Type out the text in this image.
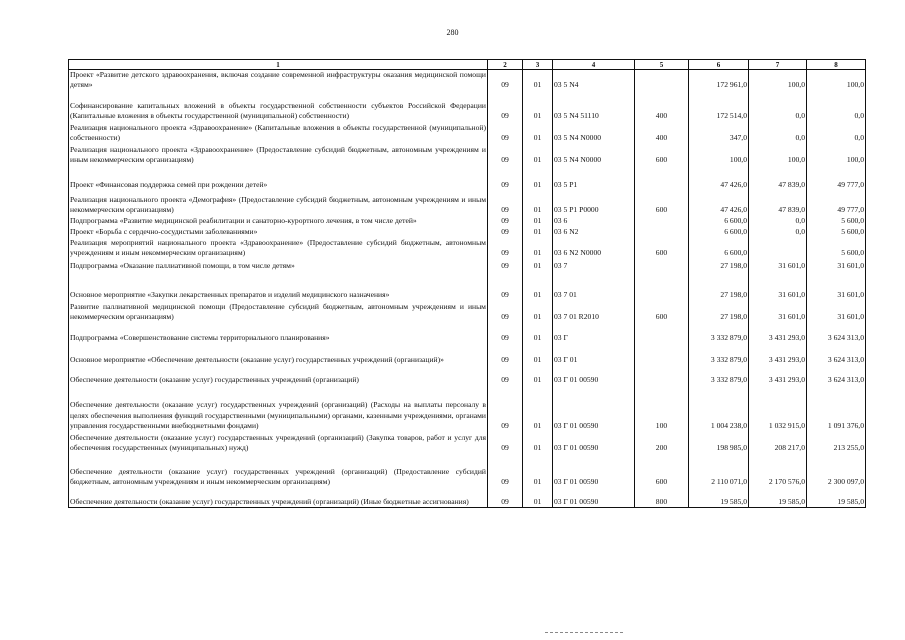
280
1	2	3	4	5	6	7	8
Проект «Развитие детского здравоохранения, включая создание современной инфраструктуры оказания медицинской помощи детям»	09	01	03 5 N4		172 961,0	100,0	100,0
Софинансирование капитальных вложений в объекты государственной собственности субъектов Российской Федерации (Капитальные вложения в объекты государственной (муниципальной) собственности)	09	01	03 5 N4 51110	400	172 514,0	0,0	0,0
Реализация национального проекта «Здравоохранение» (Капитальные вложения в объекты государственной (муниципальной) собственности)	09	01	03 5 N4 N0000	400	347,0	0,0	0,0
Реализация национального проекта «Здравоохранение» (Предоставление субсидий бюджетным, автономным учреждениям и иным некоммерческим организациям)	09	01	03 5 N4 N0000	600	100,0	100,0	100,0
Проект «Финансовая поддержка семей при рождении детей»	09	01	03 5 P1		47 426,0	47 839,0	49 777,0
Реализация национального проекта «Демография» (Предоставление субсидий бюджетным, автономным учреждениям и иным некоммерческим организациям)	09	01	03 5 P1 P0000	600	47 426,0	47 839,0	49 777,0
Подпрограмма «Развитие медицинской реабилитации и санаторно-курортного лечения, в том числе детей»	09	01	03 6		6 600,0	0,0	5 600,0
Проект «Борьба с сердечно-сосудистыми заболеваниями»	09	01	03 6 N2		6 600,0	0,0	5 600,0
Реализация мероприятий национального проекта «Здравоохранение» (Предоставление субсидий бюджетным, автономным учреждениям и иным некоммерческим организациям)	09	01	03 6 N2 N0000	600	6 600,0		5 600,0
Подпрограмма «Оказание паллиативной помощи, в том числе детям»	09	01	03 7		27 198,0	31 601,0	31 601,0
Основное мероприятие «Закупки лекарственных препаратов и изделий медицинского назначения»	09	01	03 7 01		27 198,0	31 601,0	31 601,0
Развитие паллиативной медицинской помощи (Предоставление субсидий бюджетным, автономным учреждениям и иным некоммерческим организациям)	09	01	03 7 01 R2010	600	27 198,0	31 601,0	31 601,0
Подпрограмма «Совершенствование системы территориального планирования»	09	01	03 Г		3 332 879,0	3 431 293,0	3 624 313,0
Основное мероприятие «Обеспечение деятельности (оказание услуг) государственных учреждений (организаций)»	09	01	03 Г 01		3 332 879,0	3 431 293,0	3 624 313,0
Обеспечение деятельности (оказание услуг) государственных учреждений (организаций)	09	01	03 Г 01 00590		3 332 879,0	3 431 293,0	3 624 313,0
Обеспечение деятельности (оказание услуг) государственных учреждений (организаций) (Расходы на выплаты персоналу в целях обеспечения выполнения функций государственными (муниципальными) органами, казенными учреждениями, органами управления государственными внебюджетными фондами)	09	01	03 Г 01 00590	100	1 004 238,0	1 032 915,0	1 091 376,0
Обеспечение деятельности (оказание услуг) государственных учреждений (организаций) (Закупка товаров, работ и услуг для обеспечения государственных (муниципальных) нужд)	09	01	03 Г 01 00590	200	198 985,0	208 217,0	213 255,0
Обеспечение деятельности (оказание услуг) государственных учреждений (организаций) (Предоставление субсидий бюджетным, автономным учреждениям и иным некоммерческим организациям)	09	01	03 Г 01 00590	600	2 110 071,0	2 170 576,0	2 300 097,0
Обеспечение деятельности (оказание услуг) государственных учреждений (организаций) (Иные бюджетные ассигнования)	09	01	03 Г 01 00590	800	19 585,0	19 585,0	19 585,0
